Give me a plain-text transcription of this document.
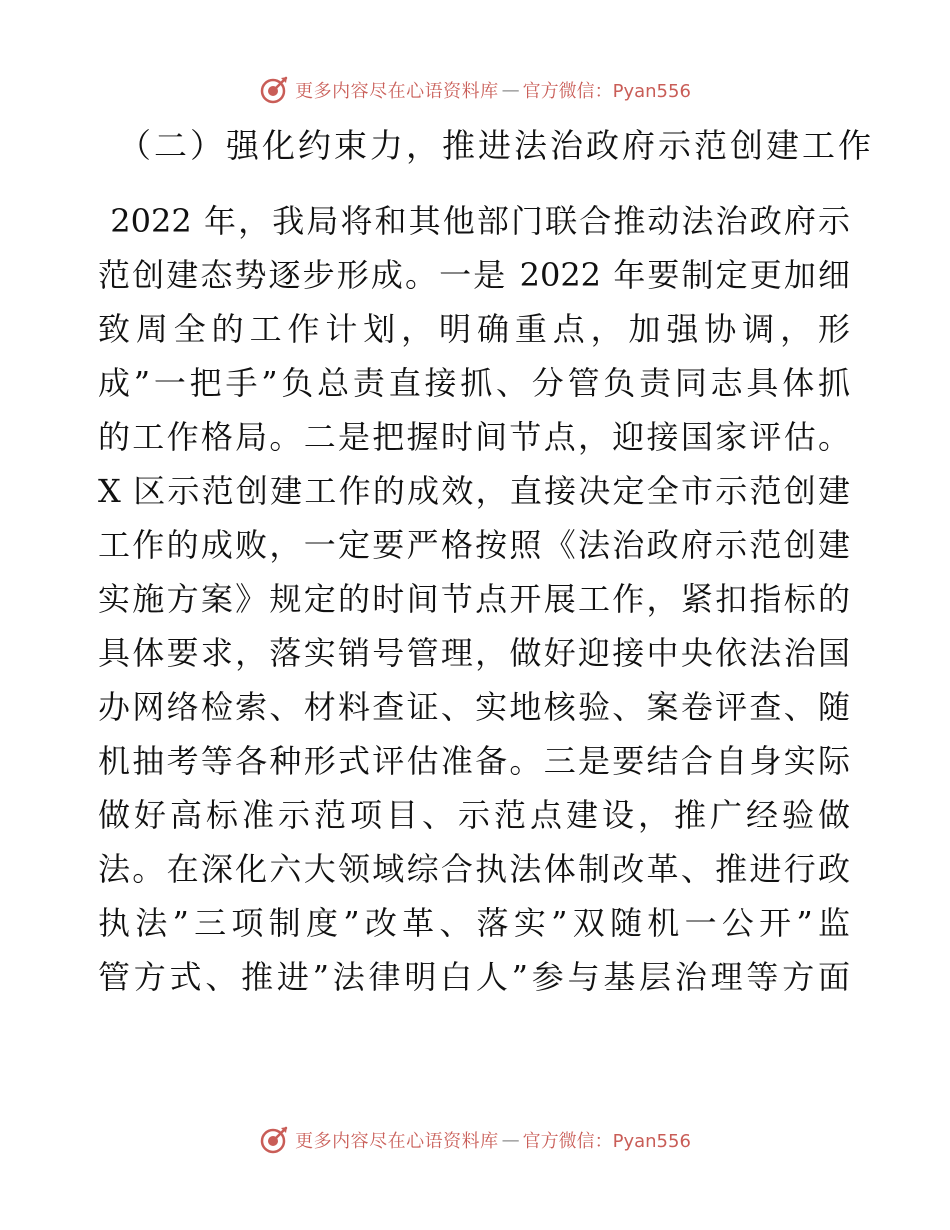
更多内容尽在心语资料库 — 官方微信：Pyan556
（二）强化约束力，推进法治政府示范创建工作
2022 年，我局将和其他部门联合推动法治政府示
范创建态势逐步形成。一是 2022 年要制定更加细
致周全的工作计划，明确重点，加强协调，形
成”一把手”负总责直接抓、分管负责同志具体抓
的工作格局。二是把握时间节点，迎接国家评估。
X 区示范创建工作的成效，直接决定全市示范创建
工作的成败，一定要严格按照《法治政府示范创建
实施方案》规定的时间节点开展工作，紧扣指标的
具体要求，落实销号管理，做好迎接中央依法治国
办网络检索、材料查证、实地核验、案卷评查、随
机抽考等各种形式评估准备。三是要结合自身实际
做好高标准示范项目、示范点建设，推广经验做
法。在深化六大领域综合执法体制改革、推进行政
执法”三项制度”改革、落实”双随机一公开”监
管方式、推进”法律明白人”参与基层治理等方面
更多内容尽在心语资料库 — 官方微信：Pyan556
